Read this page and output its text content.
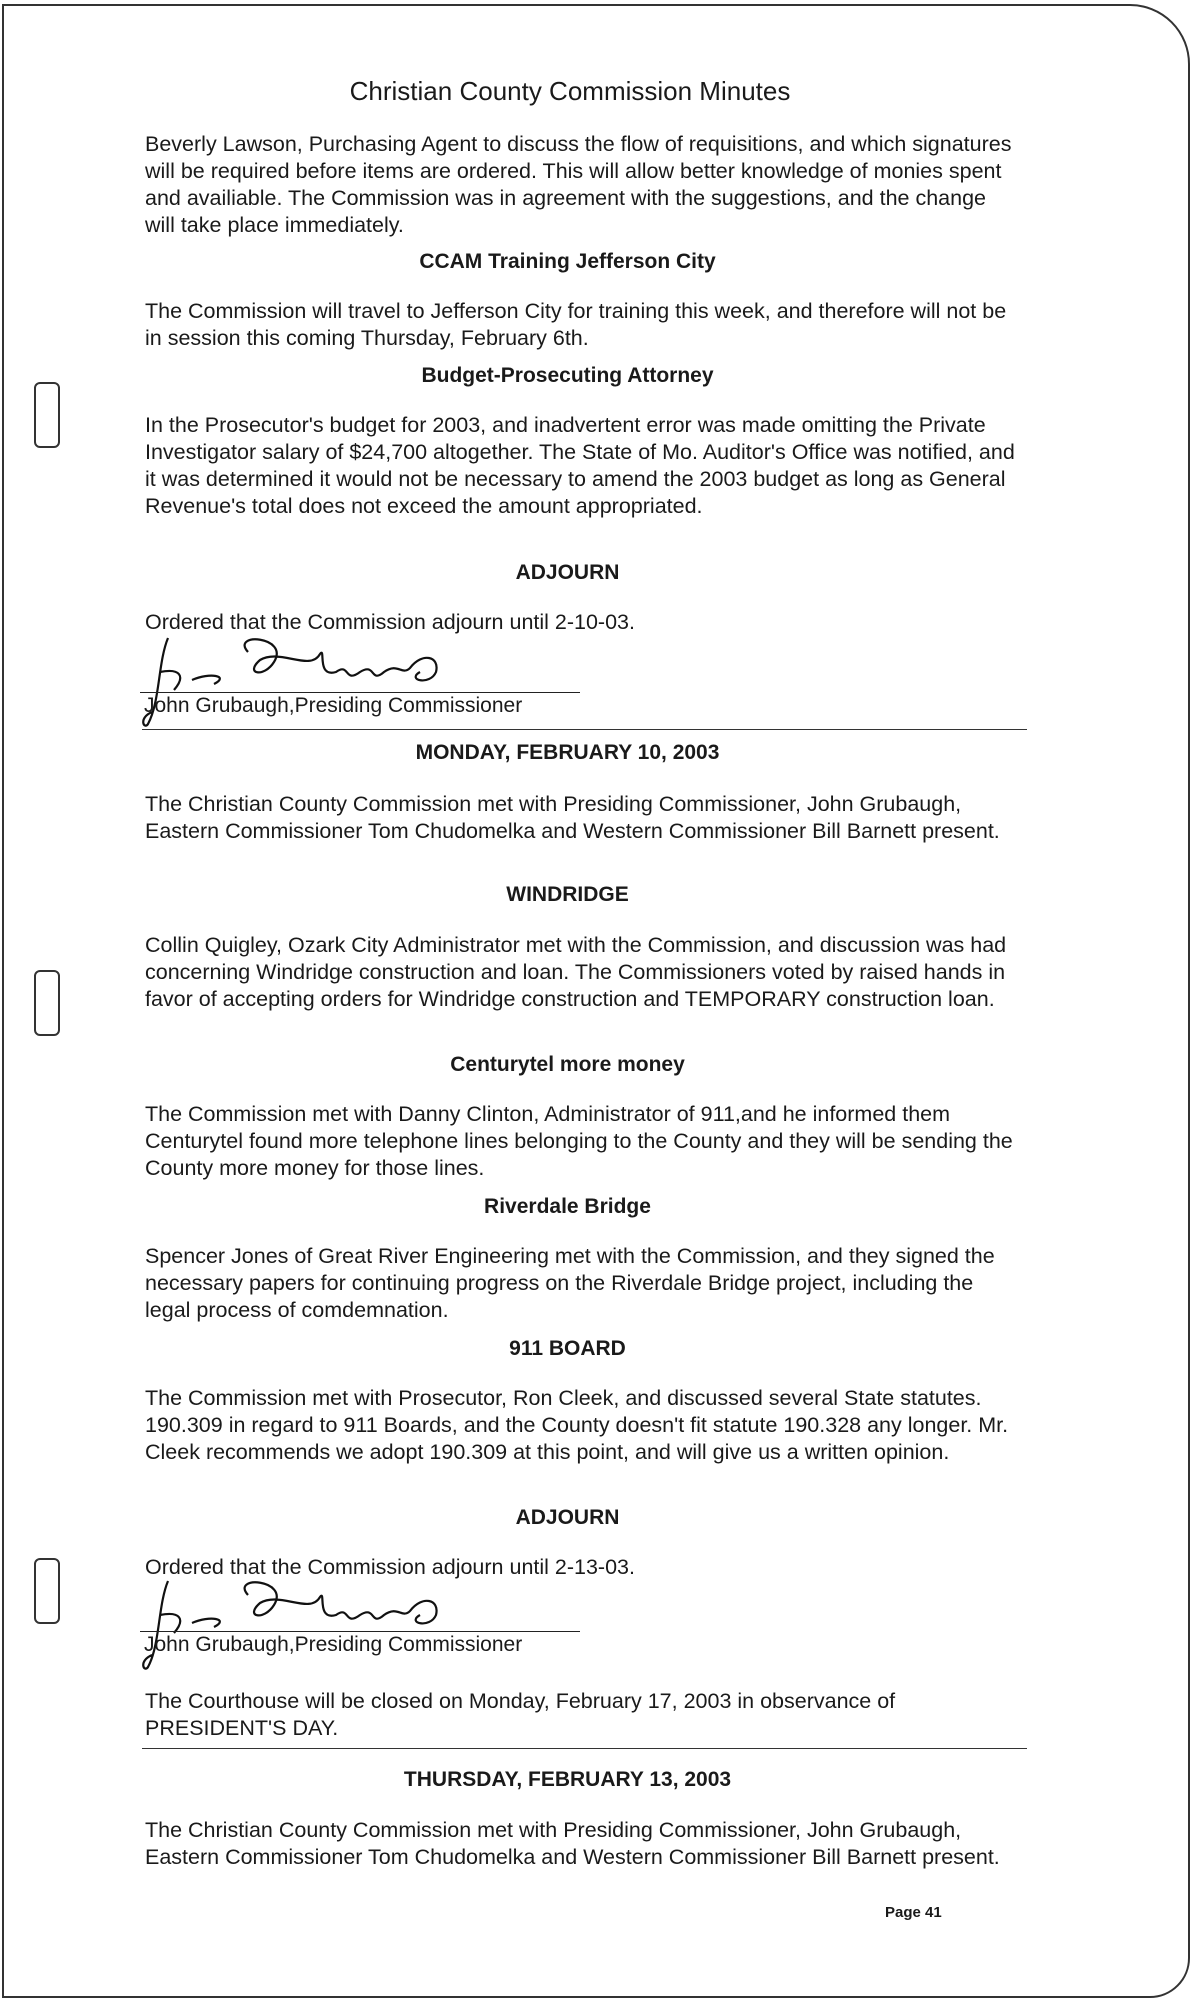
Christian County Commission Minutes
Beverly Lawson, Purchasing Agent to discuss the flow of requisitions, and which signatures will be required before items are ordered. This will allow better knowledge of monies spent and availiable. The Commission was in agreement with the suggestions, and the change will take place immediately.
CCAM Training Jefferson City
The Commission will travel to Jefferson City for training this week, and therefore will not be in session this coming Thursday, February 6th.
Budget-Prosecuting Attorney
In the Prosecutor's budget for 2003, and inadvertent error was made omitting the Private Investigator salary of $24,700 altogether. The State of Mo. Auditor's Office was notified, and it was determined it would not be necessary to amend the 2003 budget as long as General Revenue's total does not exceed the amount appropriated.
ADJOURN
Ordered that the Commission adjourn until 2-10-03.
John Grubaugh,Presiding Commissioner
MONDAY, FEBRUARY 10, 2003
The Christian County Commission met with Presiding Commissioner, John Grubaugh, Eastern Commissioner Tom Chudomelka and Western Commissioner Bill Barnett present.
WINDRIDGE
Collin Quigley, Ozark City Administrator met with the Commission, and discussion was had concerning Windridge construction and loan. The Commissioners voted by raised hands in favor of accepting orders for Windridge construction and TEMPORARY construction loan.
Centurytel more money
The Commission met with Danny Clinton, Administrator of 911,and he informed them Centurytel found more telephone lines belonging to the County and they will be sending the County more money for those lines.
Riverdale Bridge
Spencer Jones of Great River Engineering met with the Commission, and they signed the necessary papers for continuing progress on the Riverdale Bridge project, including the legal process of comdemnation.
911 BOARD
The Commission met with Prosecutor, Ron Cleek, and discussed several State statutes. 190.309 in regard to 911 Boards, and the County doesn't fit statute 190.328 any longer. Mr. Cleek recommends we adopt 190.309 at this point, and will give us a written opinion.
ADJOURN
Ordered that the Commission adjourn until 2-13-03.
John Grubaugh,Presiding Commissioner
The Courthouse will be closed on Monday, February 17, 2003 in observance of PRESIDENT'S DAY.
THURSDAY, FEBRUARY 13, 2003
The Christian County Commission met with Presiding Commissioner, John Grubaugh, Eastern Commissioner Tom Chudomelka and Western Commissioner Bill Barnett present.
Page 41
